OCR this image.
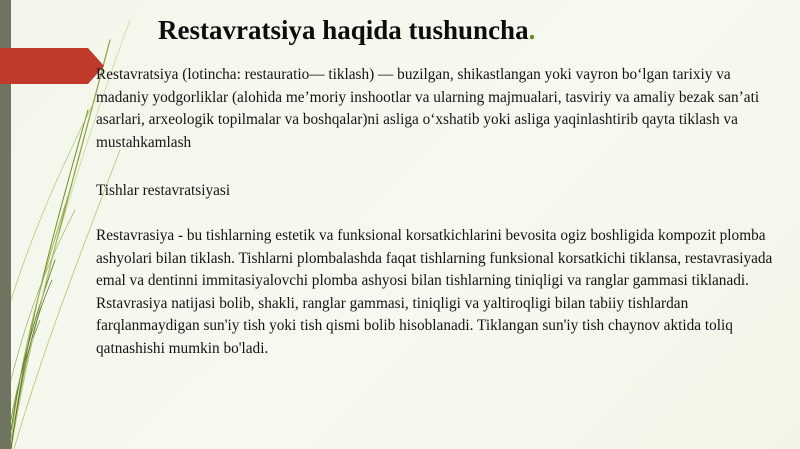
Restavratsiya haqida tushuncha.

Restavratsiya (lotincha: restauratio— tiklash) — buzilgan, shikastlangan yoki vayron bo‘lgan tarixiy va madaniy yodgorliklar (alohida me’moriy inshootlar va ularning majmualari, tasviriy va amaliy bezak san’ati asarlari, arxeologik topilmalar va boshqalar)ni asliga o‘xshatib yoki asliga yaqinlashtirib qayta tiklash va mustahkamlash

Tishlar restavratsiyasi

Restavrasiya - bu tishlarning estetik va funksional korsatkichlarini bevosita ogiz boshligida kompozit plomba ashyolari bilan tiklash. Tishlarni plombalashda faqat tishlarning funksional korsatkichi tiklansa, restavrasiyada emal va dentinni immitasiyalovchi plomba ashyosi bilan tishlarning tiniqligi va ranglar gammasi tiklanadi. Rstavrasiya natijasi bolib, shakli, ranglar gammasi, tiniqligi va yaltiroqligi bilan tabiiy tishlardan farqlanmaydigan sun'iy tish yoki tish qismi bolib hisoblanadi. Tiklangan sun'iy tish chaynov aktida toliq qatnashishi mumkin bo'ladi.
